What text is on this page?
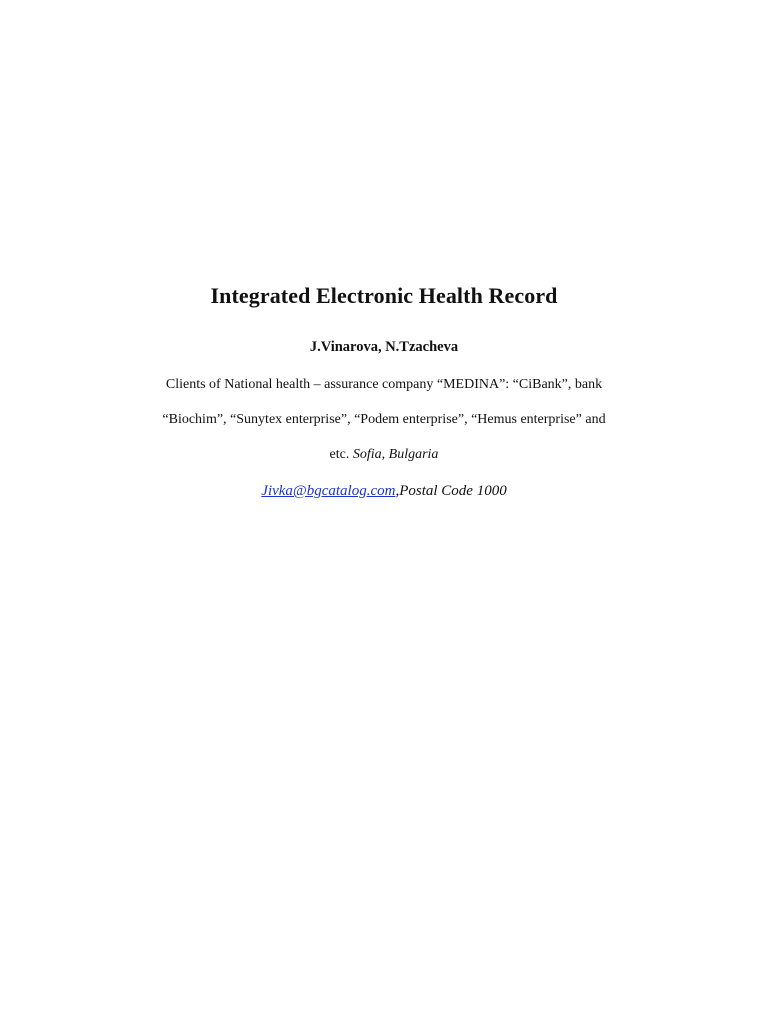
Integrated Electronic Health Record
J.Vinarova, N.Tzacheva
Clients of National health – assurance company “MEDINA”: “CiBank”, bank
“Biochim”, “Sunytex enterprise”, “Podem enterprise”, “Hemus enterprise” and
etc. Sofia, Bulgaria
Jivka@bgcatalog.com,Postal Code 1000
